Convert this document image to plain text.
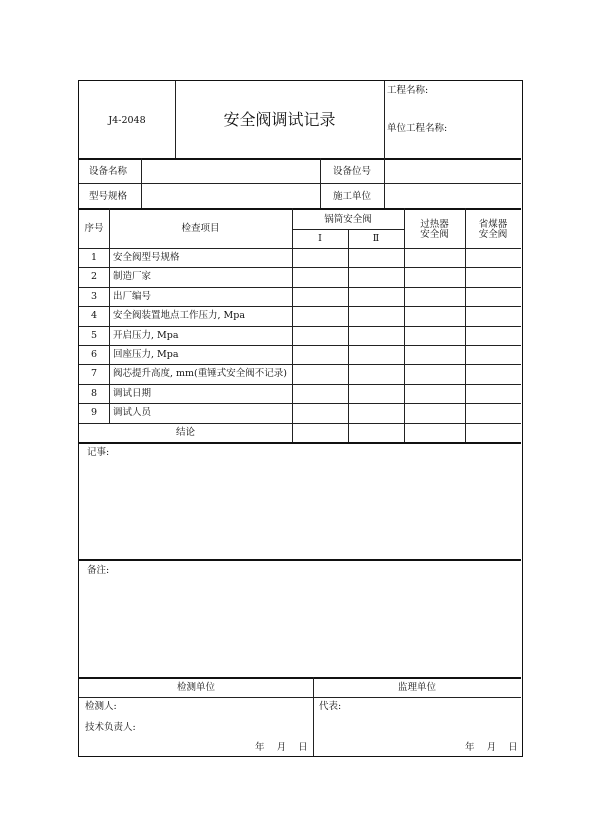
J4-2048	安全阀调试记录
工程名称:
单位工程名称:
设备名称	设备位号
型号规格	施工单位
序号	检查项目
锅筒安全阀
Ⅰ	Ⅱ
过热器
安全阀
省煤器
安全阀
1	安全阀型号规格
2	制造厂家
3	出厂编号
4	安全阀装置地点工作压力, Mpa
5	开启压力, Mpa
6	回座压力, Mpa
7	阀芯提升高度, mm(重锤式安全阀不记录)
8	调试日期
9	调试人员
结论
记事:
备注:
检测单位	监理单位
检测人:
技术负责人:
代表:
年    月    日	年    月    日
